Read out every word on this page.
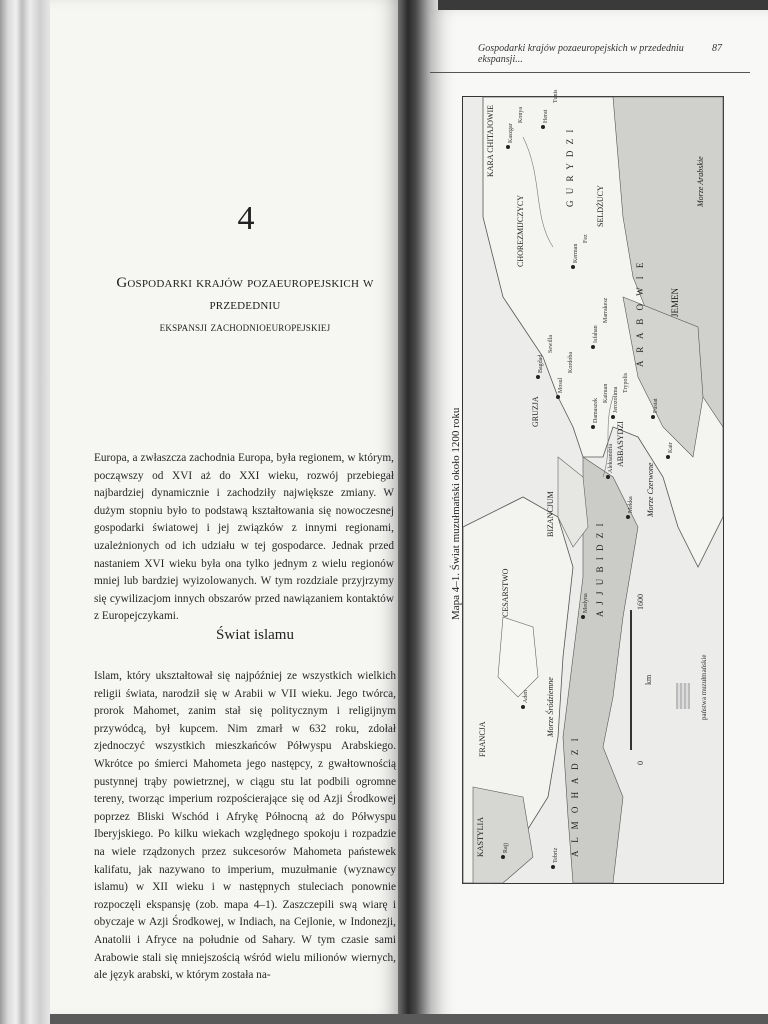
4
Gospodarki krajów pozaeuropejskich w przededniu
ekspansji zachodnioeuropejskiej
Europa, a zwłaszcza zachodnia Europa, była regionem, w którym, począwszy od XVI aż do XXI wieku, rozwój przebiegał najbardziej dynamicznie i zachodziły największe zmiany. W dużym stopniu było to podstawą kształtowania się nowoczesnej gospodarki światowej i jej związków z innymi regionami, uzależnionych od ich udziału w tej gospodarce. Jednak przed nastaniem XVI wieku była ona tylko jednym z wielu regionów mniej lub bardziej wyizolowanych. W tym rozdziale przyjrzymy się cywilizacjom innych obszarów przed nawiązaniem kontaktów z Europejczykami.
Świat islamu
Islam, który ukształtował się najpóźniej ze wszystkich wielkich religii świata, narodził się w Arabii w VII wieku. Jego twórca, prorok Mahomet, zanim stał się politycznym i religijnym przywódcą, był kupcem. Nim zmarł w 632 roku, zdołał zjednoczyć wszystkich mieszkańców Półwyspu Arabskiego. Wkrótce po śmierci Mahometa jego następcy, z gwałtownością pustynnej trąby powietrznej, w ciągu stu lat podbili ogromne tereny, tworząc imperium rozpościerające się od Azji Środkowej poprzez Bliski Wschód i Afrykę Północną aż do Półwyspu Iberyjskiego. Po kilku wiekach względnego spokoju i rozpadzie na wiele rządzonych przez sukcesorów Mahometa państewek kalifatu, jak nazywano to imperium, muzułmanie (wyznawcy islamu) w XII wieku i w następnych stuleciach ponownie rozpoczęli ekspansję (zob. mapa 4–1). Zaszczepili swą wiarę i obyczaje w Azji Środkowej, w Indiach, na Cejlonie, w Indonezji, Anatolii i Afryce na południe od Sahary. W tym czasie sami Arabowie stali się mniejszością wśród wielu milionów wiernych, ale język arabski, w którym została na-
Gospodarki krajów pozaeuropejskich w przededniu ekspansji...
87
KARA CHITAJOWIE	G U R Y D Z I
CHOREZMIJCZYCY	SELDŻUCY
A R A B O W I E	JEMEN
A J J U B I D Z I
A L M O H A D Z I
KASTYLIA
FRANCJA
BIZANCJUM
GRUZJA
CESARSTWO
Morze Śródziemne
Morze Czerwone
Morze Arabskie
ABBASYDZI
Kaszgar
Herat
Kerman
Isfahan
Bagdad
Mosul
Damaszek Jerozolima	Fustat
Kair
Aleksandria
Mekka
Medyna
Aden
Rajj	Tebriz
Konya
Tunis
Fez
Marrakesz
Sewilla
Kordoba
Kairuan
Trypolis
Mapa 4–1. Świat muzułmański około 1200 roku
0
1600
km	państwa muzułmańskie
